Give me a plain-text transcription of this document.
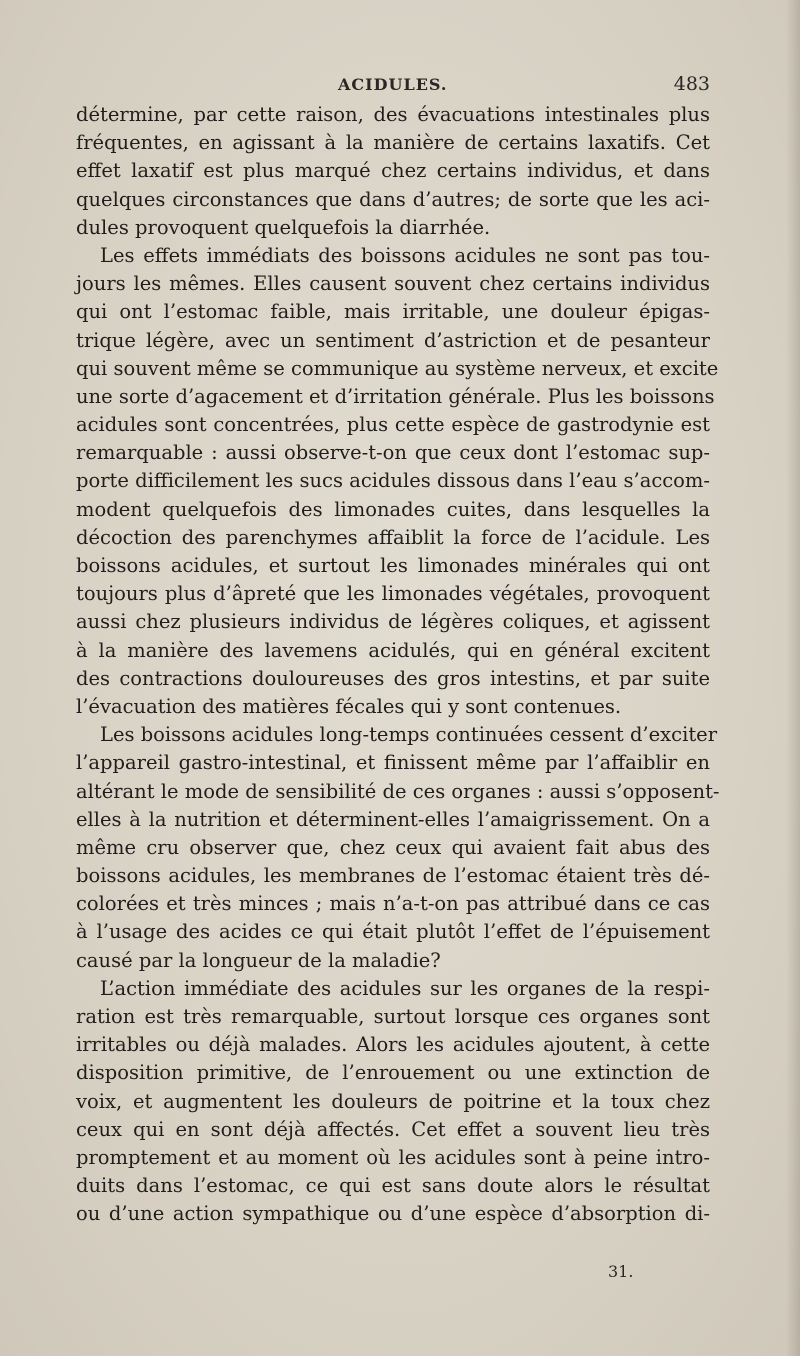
ACIDULES.	483
détermine, par cette raison, des évacuations intestinales plus
fréquentes, en agissant à la manière de certains laxatifs. Cet
effet laxatif est plus marqué chez certains individus, et dans
quelques circonstances que dans d’autres; de sorte que les aci-
dules provoquent quelquefois la diarrhée.
Les effets immédiats des boissons acidules ne sont pas tou-
jours les mêmes. Elles causent souvent chez certains individus
qui ont l’estomac faible, mais irritable, une douleur épigas-
trique légère, avec un sentiment d’astriction et de pesanteur
qui souvent même se communique au système nerveux, et excite
une sorte d’agacement et d’irritation générale. Plus les boissons
acidules sont concentrées, plus cette espèce de gastrodynie est
remarquable : aussi observe-t-on que ceux dont l’estomac sup-
porte difficilement les sucs acidules dissous dans l’eau s’accom-
modent quelquefois des limonades cuites, dans lesquelles la
décoction des parenchymes affaiblit la force de l’acidule. Les
boissons acidules, et surtout les limonades minérales qui ont
toujours plus d’âpreté que les limonades végétales, provoquent
aussi chez plusieurs individus de légères coliques, et agissent
à la manière des lavemens acidulés, qui en général excitent
des contractions douloureuses des gros intestins, et par suite
l’évacuation des matières fécales qui y sont contenues.
Les boissons acidules long-temps continuées cessent d’exciter
l’appareil gastro-intestinal, et finissent même par l’affaiblir en
altérant le mode de sensibilité de ces organes : aussi s’opposent-
elles à la nutrition et déterminent-elles l’amaigrissement. On a
même cru observer que, chez ceux qui avaient fait abus des
boissons acidules, les membranes de l’estomac étaient très dé-
colorées et très minces ; mais n’a-t-on pas attribué dans ce cas
à l’usage des acides ce qui était plutôt l’effet de l’épuisement
causé par la longueur de la maladie?
L’action immédiate des acidules sur les organes de la respi-
ration est très remarquable, surtout lorsque ces organes sont
irritables ou déjà malades. Alors les acidules ajoutent, à cette
disposition primitive, de l’enrouement ou une extinction de
voix, et augmentent les douleurs de poitrine et la toux chez
ceux qui en sont déjà affectés. Cet effet a souvent lieu très
promptement et au moment où les acidules sont à peine intro-
duits dans l’estomac, ce qui est sans doute alors le résultat
ou d’une action sympathique ou d’une espèce d’absorption di-
31.
